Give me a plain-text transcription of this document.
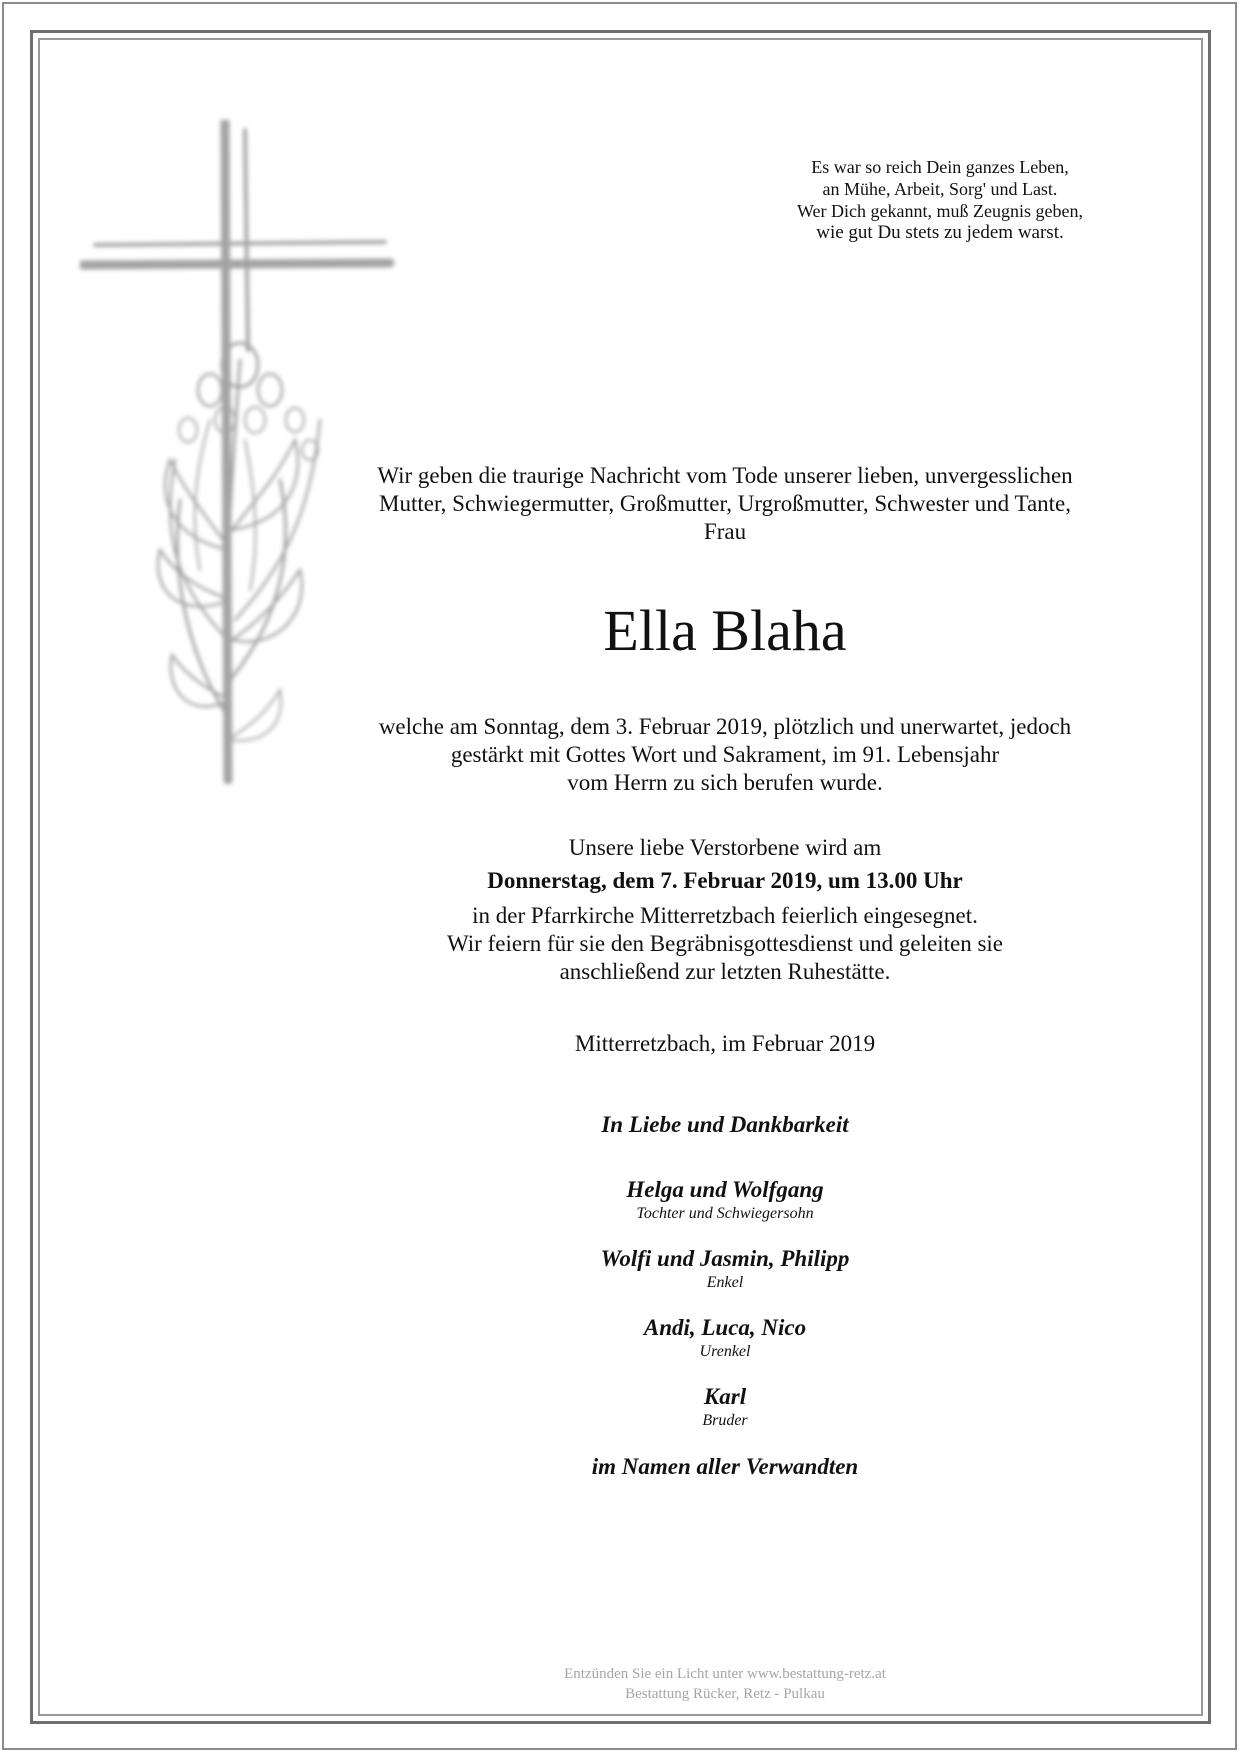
Es war so reich Dein ganzes Leben,
an Mühe, Arbeit, Sorg' und Last.
Wer Dich gekannt, muß Zeugnis geben,
wie gut Du stets zu jedem warst.
Wir geben die traurige Nachricht vom Tode unserer lieben, unvergesslichen
Mutter, Schwiegermutter, Großmutter, Urgroßmutter, Schwester und Tante,
Frau
Ella Blaha
welche am Sonntag, dem 3. Februar 2019, plötzlich und unerwartet, jedoch
gestärkt mit Gottes Wort und Sakrament, im 91. Lebensjahr
vom Herrn zu sich berufen wurde.
Unsere liebe Verstorbene wird am
Donnerstag, dem 7. Februar 2019, um 13.00 Uhr
in der Pfarrkirche Mitterretzbach feierlich eingesegnet.
Wir feiern für sie den Begräbnisgottesdienst und geleiten sie
anschließend zur letzten Ruhestätte.
Mitterretzbach, im Februar 2019
In Liebe und Dankbarkeit
Helga und Wolfgang
Tochter und Schwiegersohn
Wolfi und Jasmin, Philipp
Enkel
Andi, Luca, Nico
Urenkel
Karl
Bruder
im Namen aller Verwandten
Entzünden Sie ein Licht unter www.bestattung-retz.at
Bestattung Rücker, Retz - Pulkau
